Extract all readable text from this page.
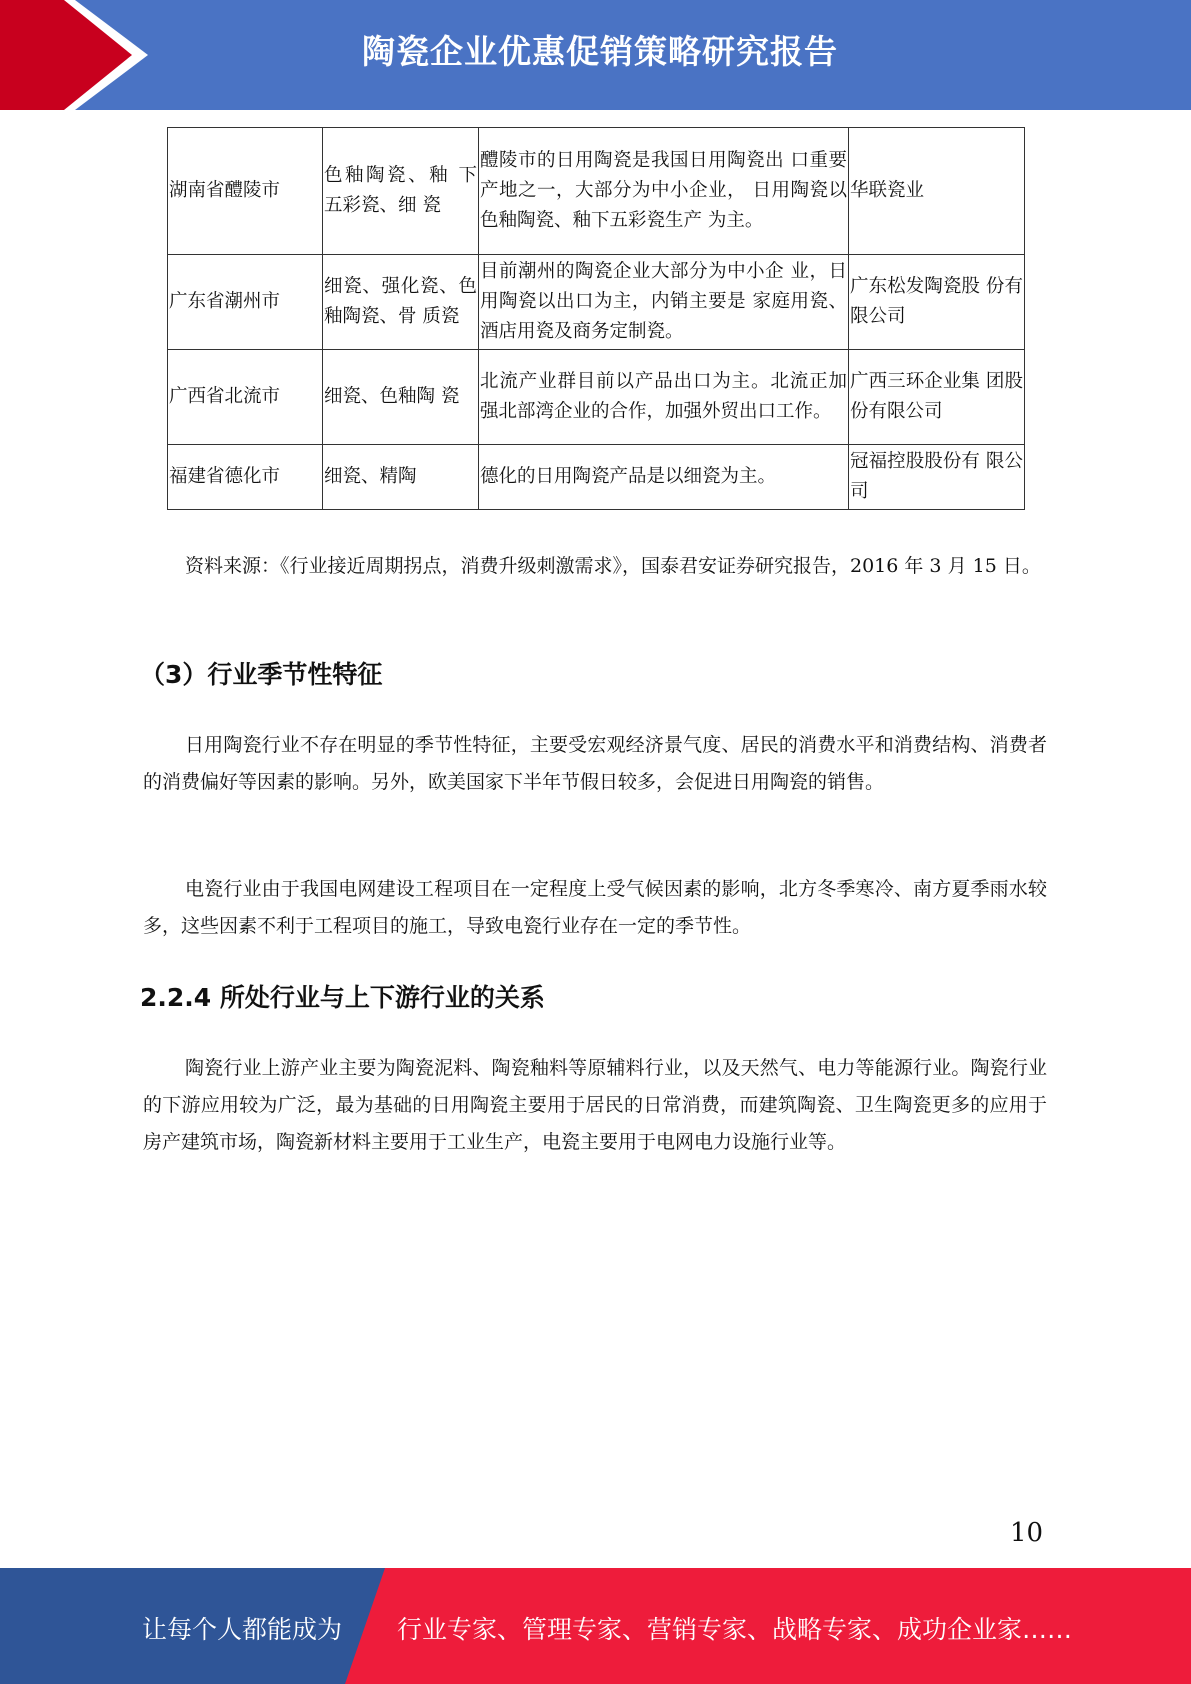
陶瓷企业优惠促销策略研究报告
湖南省醴陵市	色釉陶瓷、釉 下五彩瓷、细 瓷	醴陵市的日用陶瓷是我国日用陶瓷出 口重要产地之一，大部分为中小企业， 日用陶瓷以色釉陶瓷、釉下五彩瓷生产 为主。	华联瓷业
广东省潮州市	细瓷、强化瓷、色釉陶瓷、骨 质瓷	目前潮州的陶瓷企业大部分为中小企 业，日用陶瓷以出口为主，内销主要是 家庭用瓷、酒店用瓷及商务定制瓷。	广东松发陶瓷股 份有限公司
广西省北流市	细瓷、色釉陶 瓷	北流产业群目前以产品出口为主。北流正加强北部湾企业的合作，加强外贸出口工作。	广西三环企业集 团股份有限公司
福建省德化市	细瓷、精陶	德化的日用陶瓷产品是以细瓷为主。	冠福控股股份有 限公司

资料来源：《行业接近周期拐点，消费升级刺激需求》，国泰君安证券研究报告，2016 年 3 月 15 日。

（3）行业季节性特征

日用陶瓷行业不存在明显的季节性特征，主要受宏观经济景气度、居民的消费水平和消费结构、消费者的消费偏好等因素的影响。另外，欧美国家下半年节假日较多，会促进日用陶瓷的销售。

电瓷行业由于我国电网建设工程项目在一定程度上受气候因素的影响，北方冬季寒冷、南方夏季雨水较多，这些因素不利于工程项目的施工，导致电瓷行业存在一定的季节性。

2.2.4 所处行业与上下游行业的关系

陶瓷行业上游产业主要为陶瓷泥料、陶瓷釉料等原辅料行业，以及天然气、电力等能源行业。陶瓷行业的下游应用较为广泛，最为基础的日用陶瓷主要用于居民的日常消费，而建筑陶瓷、卫生陶瓷更多的应用于房产建筑市场，陶瓷新材料主要用于工业生产，电瓷主要用于电网电力设施行业等。

10
让每个人都能成为 行业专家、管理专家、营销专家、战略专家、成功企业家……
